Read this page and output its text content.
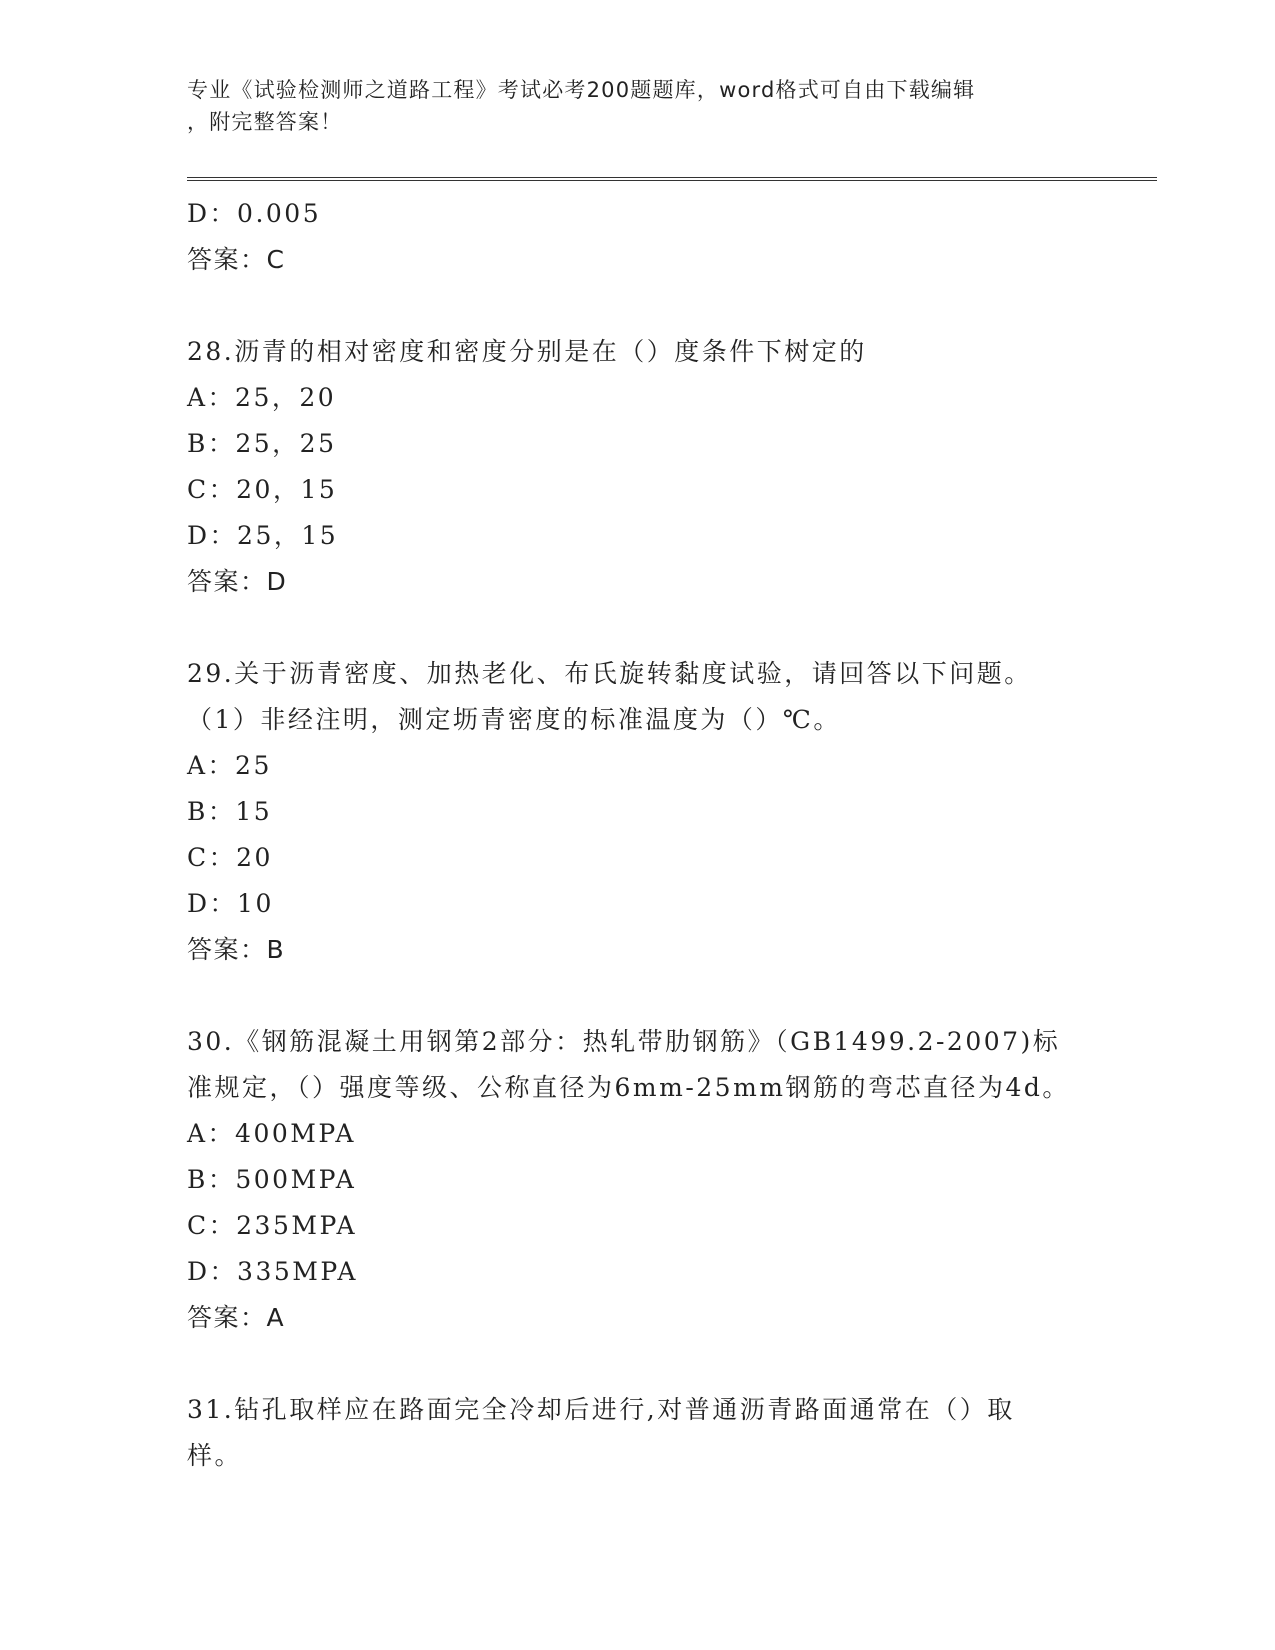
专业《试验检测师之道路工程》考试必考200题题库，word格式可自由下载编辑
，附完整答案！
D：0.005
答案：C
28.沥青的相对密度和密度分别是在（）度条件下树定的
A：25，20
B：25，25
C：20，15
D：25，15
答案：D
29.关于沥青密度、加热老化、布氏旋转黏度试验，请回答以下问题。
（1）非经注明，测定坜青密度的标准温度为（）℃。
A：25
B：15
C：20
D：10
答案：B
30.《钢筋混凝土用钢第2部分：热轧带肋钢筋》（GB1499.2-2007)标
准规定，（）强度等级、公称直径为6mm-25mm钢筋的弯芯直径为4d。
A：400MPA
B：500MPA
C：235MPA
D：335MPA
答案：A
31.钻孔取样应在路面完全冷却后进行,对普通沥青路面通常在（）取
样。
